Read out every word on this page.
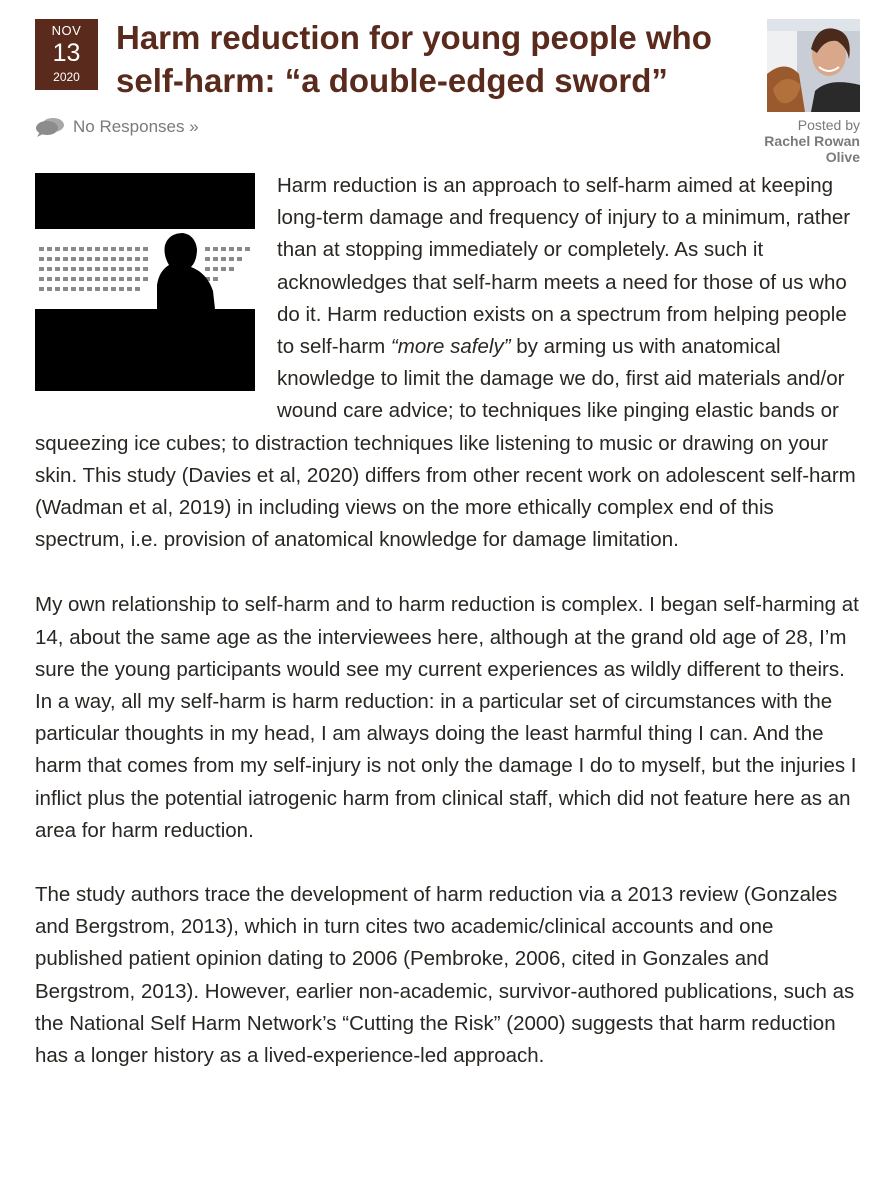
NOV
13
2020
Harm reduction for young people who self-harm: “a double-edged sword”
No Responses »	Posted by
Rachel Rowan Olive

Harm reduction is an approach to self-harm aimed at keeping long-term damage and frequency of injury to a minimum, rather than at stopping immediately or completely. As such it acknowledges that self-harm meets a need for those of us who do it. Harm reduction exists on a spectrum from helping people to self-harm “more safely” by arming us with anatomical knowledge to limit the damage we do, first aid materials and/or wound care advice; to techniques like pinging elastic bands or squeezing ice cubes; to distraction techniques like listening to music or drawing on your skin. This study (Davies et al, 2020) differs from other recent work on adolescent self-harm (Wadman et al, 2019) in including views on the more ethically complex end of this spectrum, i.e. provision of anatomical knowledge for damage limitation.

My own relationship to self-harm and to harm reduction is complex. I began self-harming at 14, about the same age as the interviewees here, although at the grand old age of 28, I’m sure the young participants would see my current experiences as wildly different to theirs. In a way, all my self-harm is harm reduction: in a particular set of circumstances with the particular thoughts in my head, I am always doing the least harmful thing I can. And the harm that comes from my self-injury is not only the damage I do to myself, but the injuries I inflict plus the potential iatrogenic harm from clinical staff, which did not feature here as an area for harm reduction.

The study authors trace the development of harm reduction via a 2013 review (Gonzales and Bergstrom, 2013), which in turn cites two academic/clinical accounts and one published patient opinion dating to 2006 (Pembroke, 2006, cited in Gonzales and Bergstrom, 2013). However, earlier non-academic, survivor-authored publications, such as the National Self Harm Network’s “Cutting the Risk” (2000) suggests that harm reduction has a longer history as a lived-experience-led approach.
